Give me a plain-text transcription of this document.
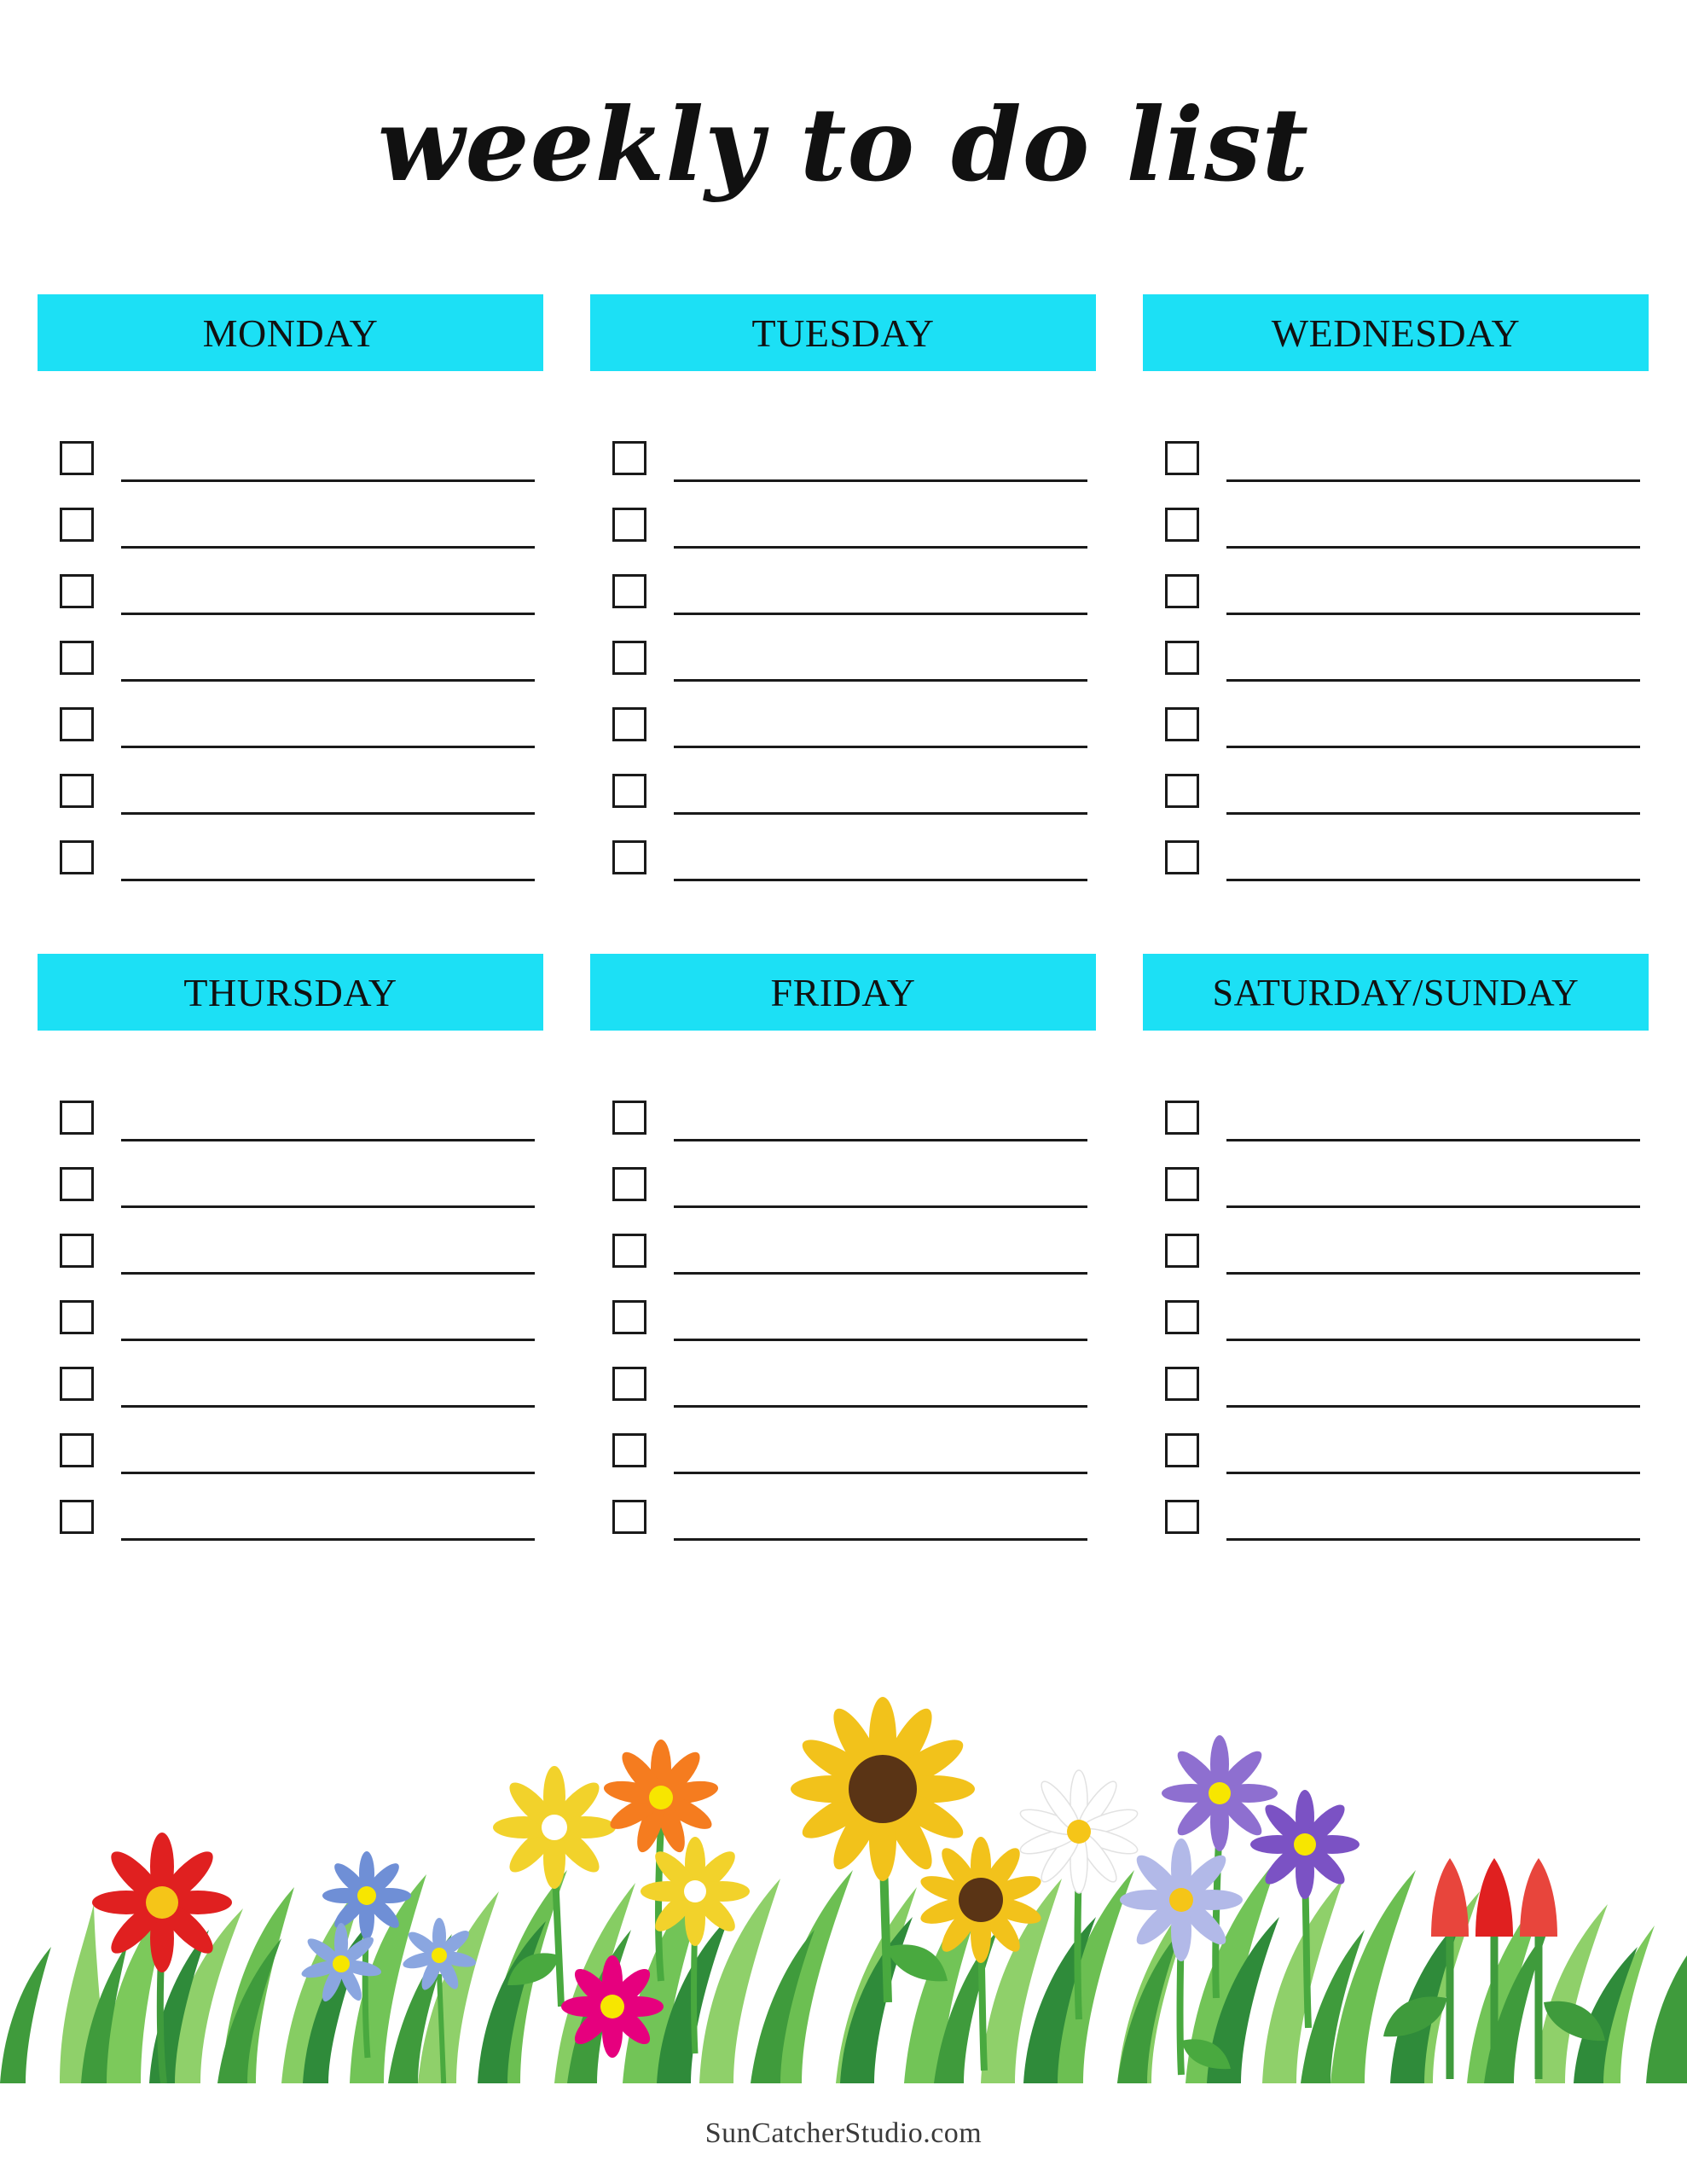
weekly to do list
MONDAY	TUESDAY	WEDNESDAY
THURSDAY	FRIDAY	SATURDAY/SUNDAY
SunCatcherStudio.com
